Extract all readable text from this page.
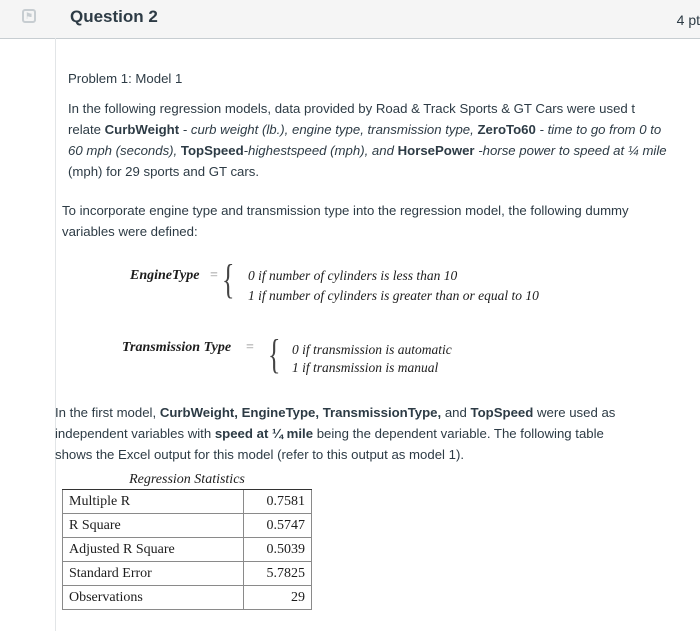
⚑ Question 2	4 pt
Problem 1: Model 1
In the following regression models, data provided by Road & Track Sports & GT Cars were used t
relate CurbWeight - curb weight (lb.), engine type, transmission type, ZeroTo60 - time to go from 0 to
60 mph (seconds), TopSpeed-highestspeed (mph), and HorsePower -horse power to speed at ¼ mile
(mph) for 29 sports and GT cars.
To incorporate engine type and transmission type into the regression model, the following dummy
variables were defined:
EngineType = { 0 if number of cylinders is less than 10
1 if number of cylinders is greater than or equal to 10
Transmission Type = { 0 if transmission is automatic
1 if transmission is manual
In the first model, CurbWeight, EngineType, TransmissionType, and TopSpeed were used as
independent variables with speed at ¼ mile being the dependent variable. The following table
shows the Excel output for this model (refer to this output as model 1).
Regression Statistics	
Multiple R	0.7581
R Square	0.5747
Adjusted R Square	0.5039
Standard Error	5.7825
Observations	29
